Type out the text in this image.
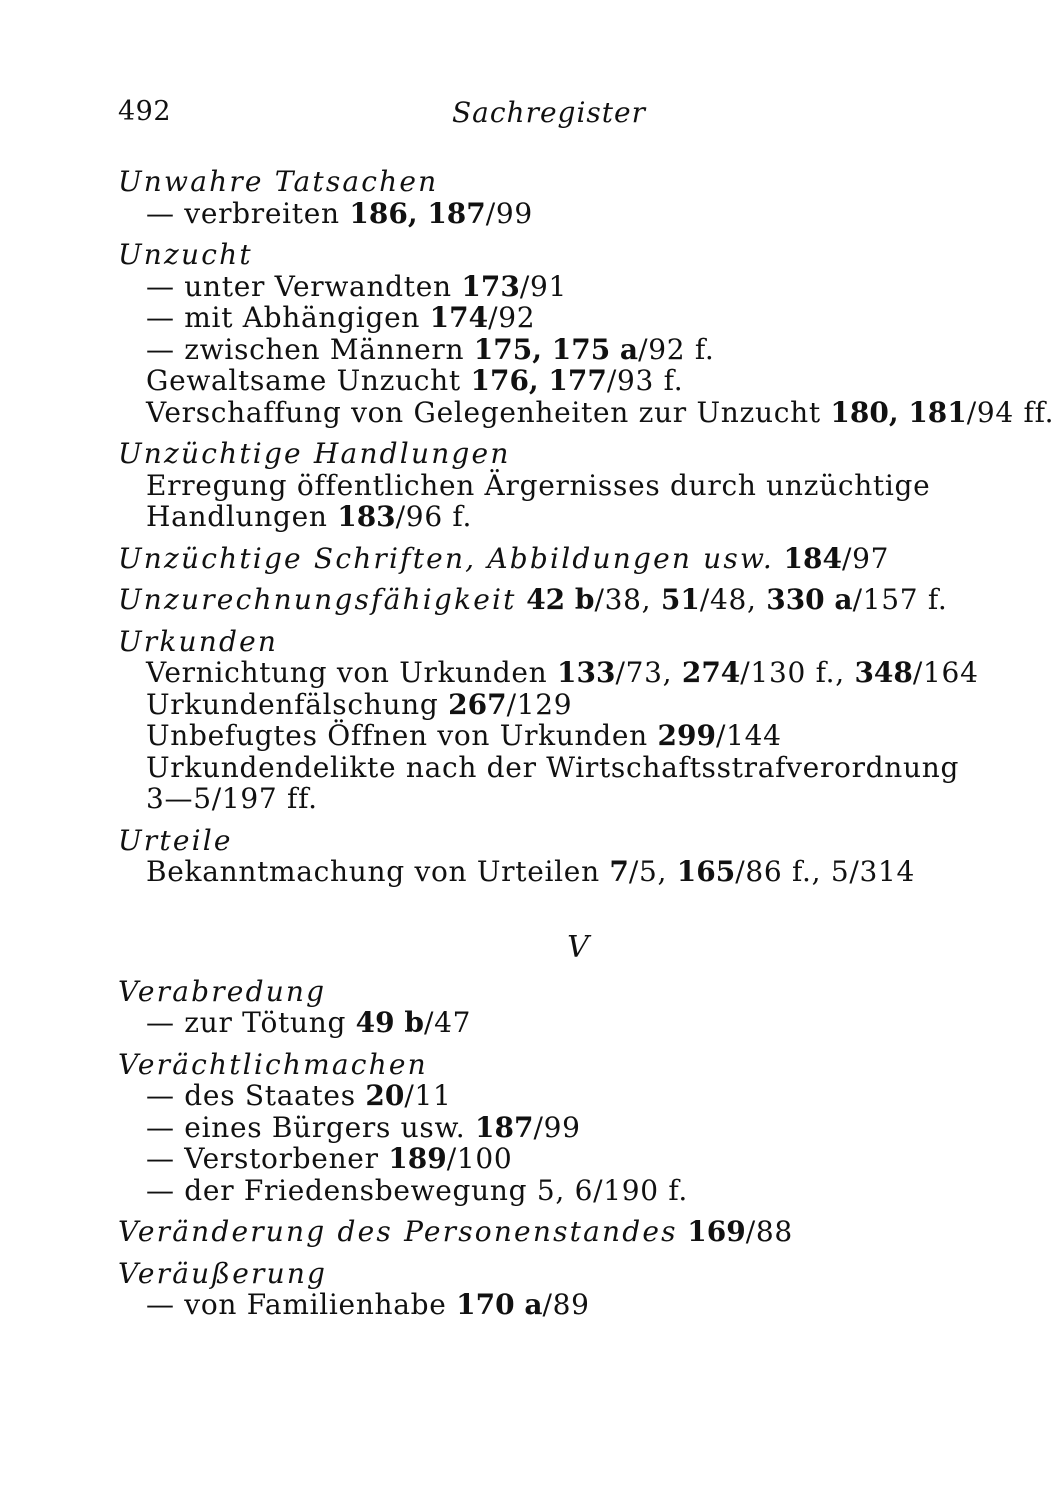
492	Sachregister
Unwahre Tatsachen
— verbreiten 186, 187/99
Unzucht
— unter Verwandten 173/91
— mit Abhängigen 174/92
— zwischen Männern 175, 175 a/92 f.
Gewaltsame Unzucht 176, 177/93 f.
Verschaffung von Gelegenheiten zur Unzucht 180, 181/94 ff.
Unzüchtige Handlungen
Erregung öffentlichen Ärgernisses durch unzüchtige
Handlungen 183/96 f.
Unzüchtige Schriften, Abbildungen usw. 184/97
Unzurechnungsfähigkeit 42 b/38, 51/48, 330 a/157 f.
Urkunden
Vernichtung von Urkunden 133/73, 274/130 f., 348/164
Urkundenfälschung 267/129
Unbefugtes Öffnen von Urkunden 299/144
Urkundendelikte nach der Wirtschaftsstrafverordnung
3—5/197 ff.
Urteile
Bekanntmachung von Urteilen 7/5, 165/86 f., 5/314
V
Verabredung
— zur Tötung 49 b/47
Verächtlichmachen
— des Staates 20/11
— eines Bürgers usw. 187/99
— Verstorbener 189/100
— der Friedensbewegung 5, 6/190 f.
Veränderung des Personenstandes 169/88
Veräußerung
— von Familienhabe 170 a/89
